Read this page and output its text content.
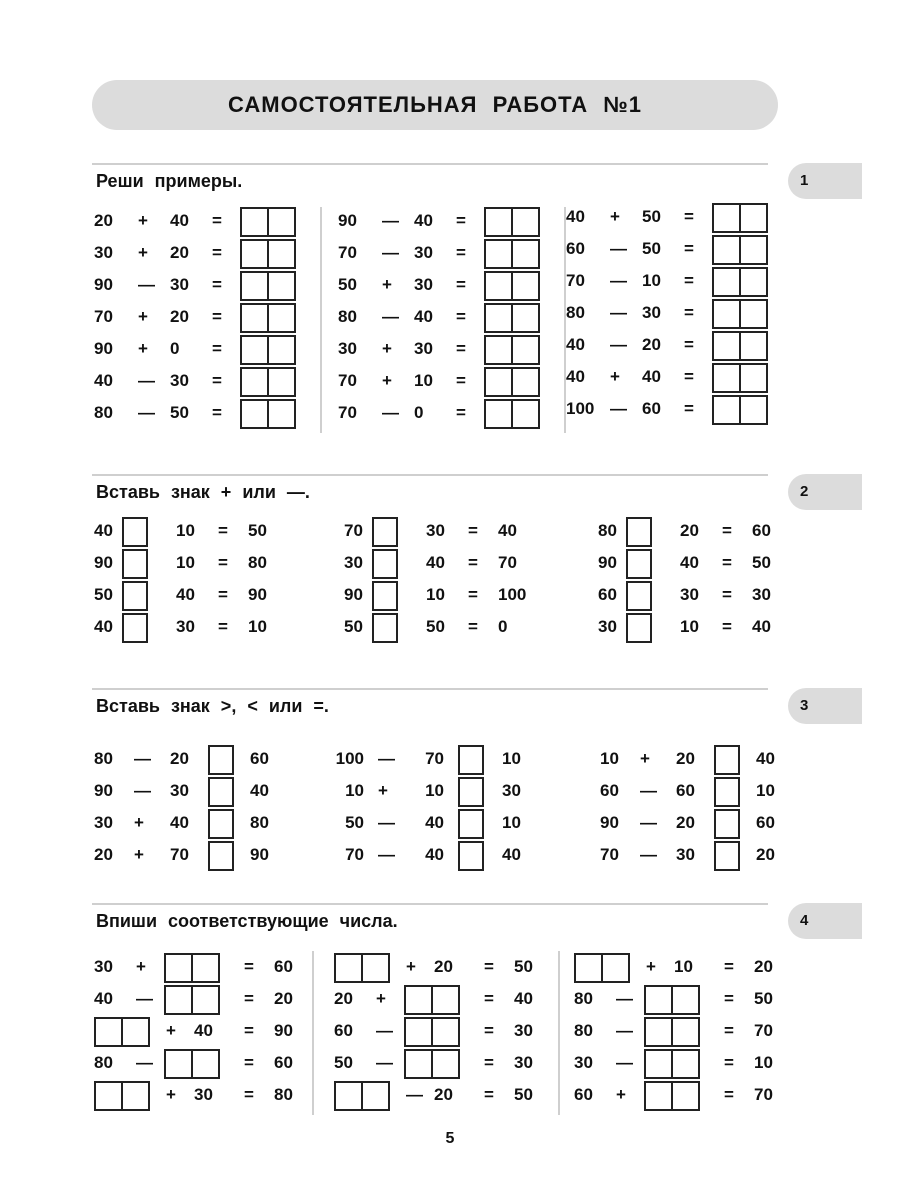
САМОСТОЯТЕЛЬНАЯ РАБОТА №1
1
Реши примеры.
20 + 40 =
30 + 20 =
90 — 30 =
70 + 20 =
90 + 0 =
40 — 30 =
80 — 50 =
90 — 40 =
70 — 30 =
50 + 30 =
80 — 40 =
30 + 30 =
70 + 10 =
70 — 0 =
40 + 50 =
60 — 50 =
70 — 10 =
80 — 30 =
40 — 20 =
40 + 40 =
100 — 60 =
2
Вставь знак + или —.
40	10 = 50
90	10 = 80
50	40 = 90
40	30 = 10
70	30 = 40
30	40 = 70
90	10 = 100
50	50 = 0
80	20 = 60
90	40 = 50
60	30 = 30
30	10 = 40
3
Вставь знак >, < или =.
80 — 20	60
90 — 30	40
30 + 40	80
20 + 70	90
100 — 70	10
10 + 10	30
50 — 40	10
70 — 40	40
10 + 20	40
60 — 60	10
90 — 20	60
70 — 30	20
4
Впиши соответствующие числа.
30 +	= 60
40 —	= 20
+ 40 = 90
80 —	= 60
+ 30 = 80
+ 20 = 50
20 +	= 40
60 —	= 30
50 —	= 30
— 20 = 50
+ 10 = 20
80 —	= 50
80 —	= 70
30 —	= 10
60 +	= 70
5
